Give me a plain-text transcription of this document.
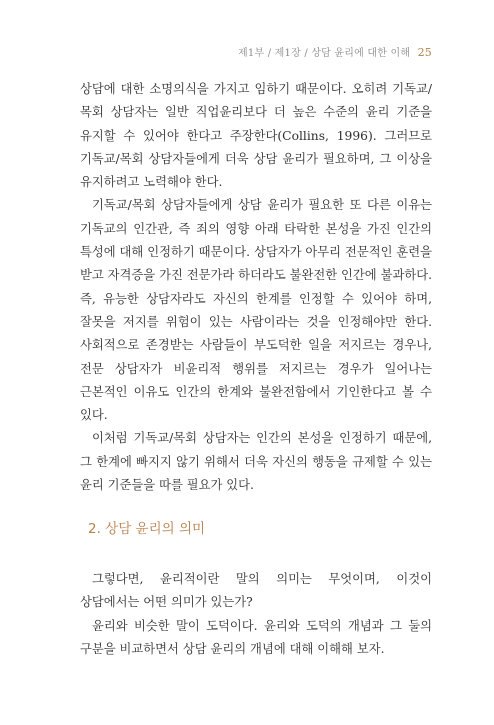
제1부 / 제1장 / 상담 윤리에 대한 이해 25

상담에 대한 소명의식을 가지고 임하기 때문이다. 오히려 기독교/목회 상담자는 일반 직업윤리보다 더 높은 수준의 윤리 기준을 유지할 수 있어야 한다고 주장한다(Collins, 1996). 그러므로 기독교/목회 상담자들에게 더욱 상담 윤리가 필요하며, 그 이상을 유지하려고 노력해야 한다.

기독교/목회 상담자들에게 상담 윤리가 필요한 또 다른 이유는 기독교의 인간관, 즉 죄의 영향 아래 타락한 본성을 가진 인간의 특성에 대해 인정하기 때문이다. 상담자가 아무리 전문적인 훈련을 받고 자격증을 가진 전문가라 하더라도 불완전한 인간에 불과하다. 즉, 유능한 상담자라도 자신의 한계를 인정할 수 있어야 하며, 잘못을 저지를 위험이 있는 사람이라는 것을 인정해야만 한다. 사회적으로 존경받는 사람들이 부도덕한 일을 저지르는 경우나, 전문 상담자가 비윤리적 행위를 저지르는 경우가 일어나는 근본적인 이유도 인간의 한계와 불완전함에서 기인한다고 볼 수 있다.

이처럼 기독교/목회 상담자는 인간의 본성을 인정하기 때문에, 그 한계에 빠지지 않기 위해서 더욱 자신의 행동을 규제할 수 있는 윤리 기준들을 따를 필요가 있다.

2. 상담 윤리의 의미

그렇다면, 윤리적이란 말의 의미는 무엇이며, 이것이 상담에서는 어떤 의미가 있는가?

윤리와 비슷한 말이 도덕이다. 윤리와 도덕의 개념과 그 둘의 구분을 비교하면서 상담 윤리의 개념에 대해 이해해 보자.
